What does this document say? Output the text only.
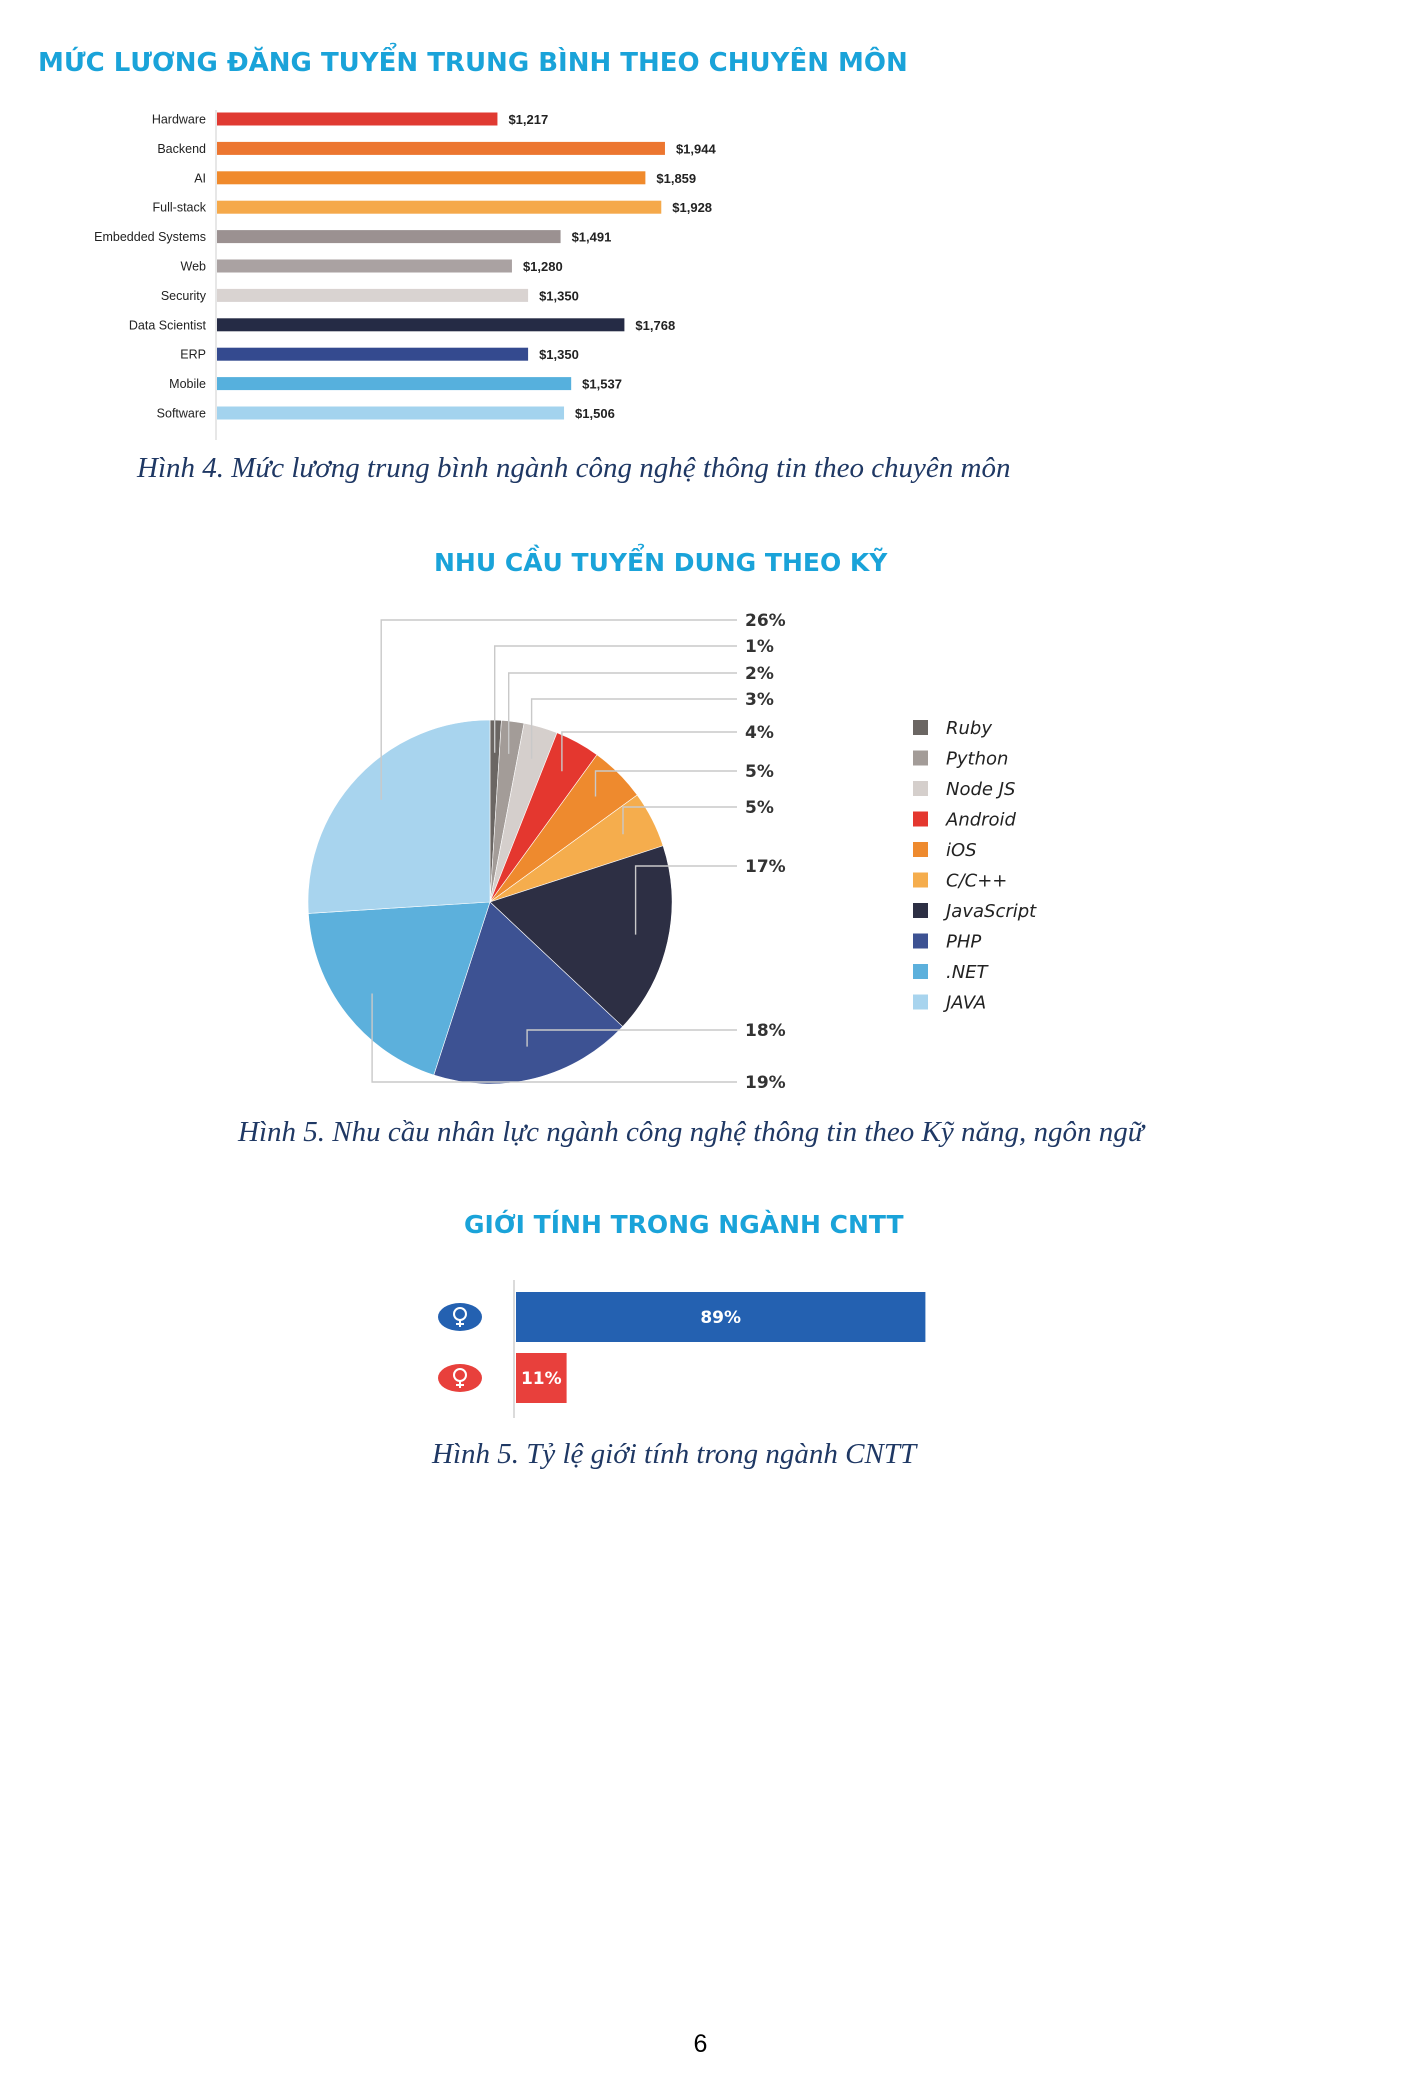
MỨC LƯƠNG ĐĂNG TUYỂN TRUNG BÌNH THEO CHUYÊN MÔN
Hardware	$1,217
Backend	$1,944
AI	$1,859
Full-stack	$1,928
Embedded Systems	$1,491
Web	$1,280
Security	$1,350
Data Scientist	$1,768
ERP	$1,350
Mobile	$1,537
Software	$1,506

Hình 4. Mức lương trung bình ngành công nghệ thông tin theo chuyên môn

NHU CẦU TUYỂN DUNG THEO KỸ
26%
1%
2%
3%
4%
5%
5%
17%
18%
19%
Ruby
Python
Node JS
Android
iOS
C/C++
JavaScript
PHP
.NET
JAVA

Hình 5. Nhu cầu nhân lực ngành công nghệ thông tin theo Kỹ năng, ngôn ngữ

GIỚI TÍNH TRONG NGÀNH CNTT
89%
11%

Hình 5. Tỷ lệ giới tính trong ngành CNTT

6
